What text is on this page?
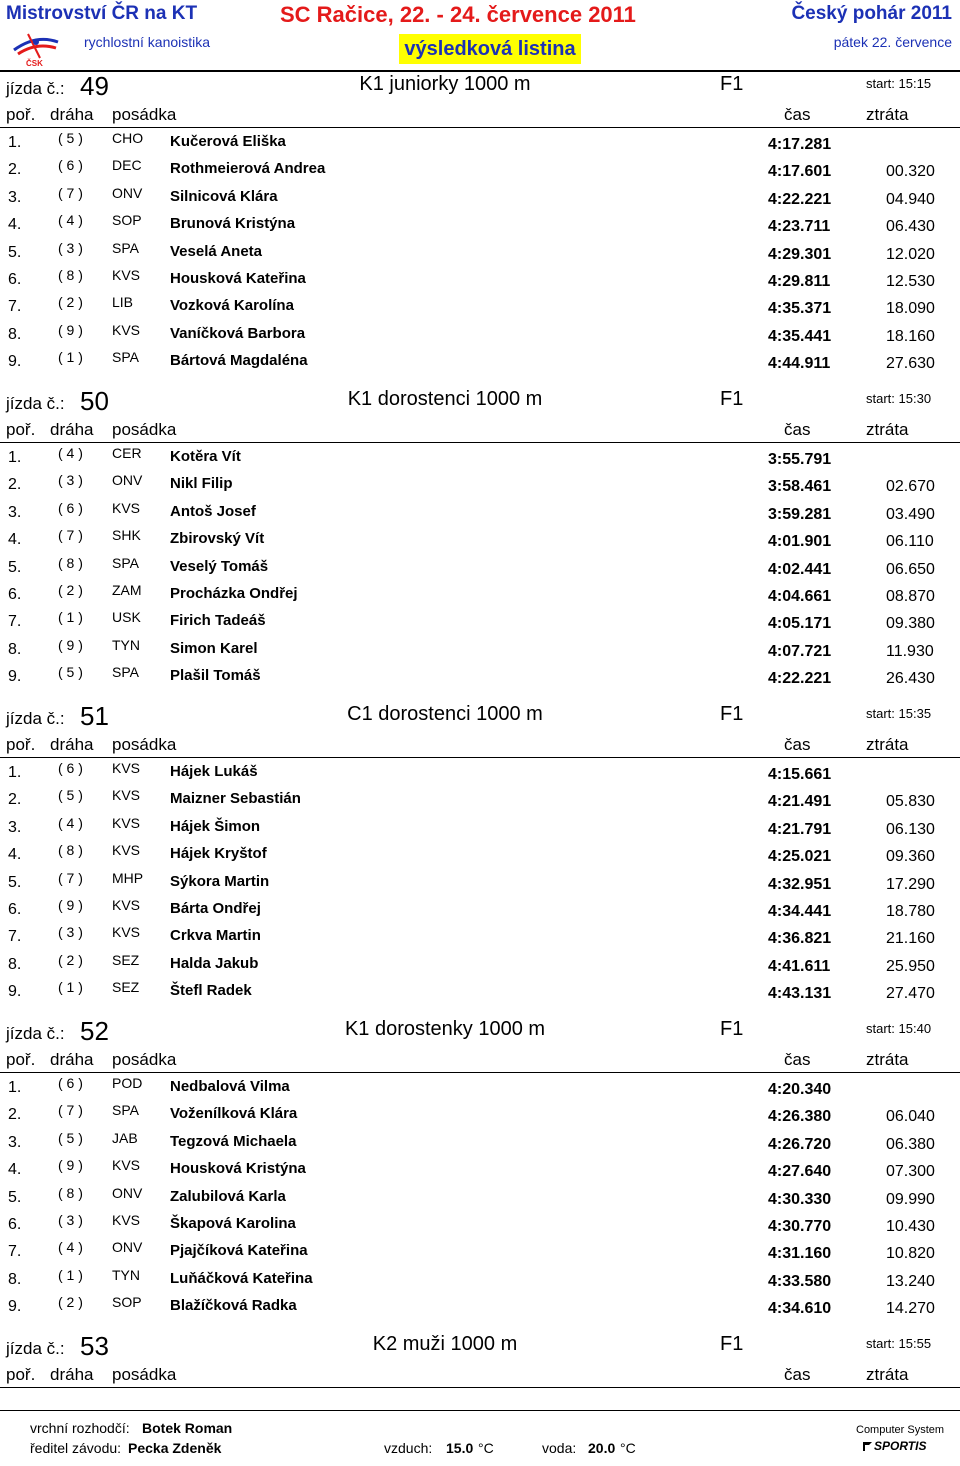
Mistrovství ČR na KT	SC Račice, 22. - 24. července 2011	Český pohár 2011
ČSK
rychlostní kanoistika	výsledková listina	pátek 22. července
jízda č.: 49	K1 juniorky 1000 m	F1	start: 15:15
poř. dráha posádka	čas	ztráta
1.	( 5 ) CHO Kučerová Eliška	4:17.281
2.	( 6 ) DEC Rothmeierová Andrea	4:17.601	00.320
3.	( 7 ) ONV Silnicová Klára	4:22.221	04.940
4.	( 4 ) SOP Brunová Kristýna	4:23.711	06.430
5.	( 3 ) SPA Veselá Aneta	4:29.301	12.020
6.	( 8 ) KVS Housková Kateřina	4:29.811	12.530
7.	( 2 ) LIB Vozková Karolína	4:35.371	18.090
8.	( 9 ) KVS Vaníčková Barbora	4:35.441	18.160
9.	( 1 ) SPA Bártová Magdaléna	4:44.911	27.630
jízda č.: 50	K1 dorostenci 1000 m	F1	start: 15:30
poř. dráha posádka	čas	ztráta
1.	( 4 ) CER Kotěra Vít	3:55.791
2.	( 3 ) ONV Nikl Filip	3:58.461	02.670
3.	( 6 ) KVS Antoš Josef	3:59.281	03.490
4.	( 7 ) SHK Zbirovský Vít	4:01.901	06.110
5.	( 8 ) SPA Veselý Tomáš	4:02.441	06.650
6.	( 2 ) ZAM Procházka Ondřej	4:04.661	08.870
7.	( 1 ) USK Firich Tadeáš	4:05.171	09.380
8.	( 9 ) TYN Simon Karel	4:07.721	11.930
9.	( 5 ) SPA Plašil Tomáš	4:22.221	26.430
jízda č.: 51	C1 dorostenci 1000 m	F1	start: 15:35
poř. dráha posádka	čas	ztráta
1.	( 6 ) KVS Hájek Lukáš	4:15.661
2.	( 5 ) KVS Maizner Sebastián	4:21.491	05.830
3.	( 4 ) KVS Hájek Šimon	4:21.791	06.130
4.	( 8 ) KVS Hájek Kryštof	4:25.021	09.360
5.	( 7 ) MHP Sýkora Martin	4:32.951	17.290
6.	( 9 ) KVS Bárta Ondřej	4:34.441	18.780
7.	( 3 ) KVS Crkva Martin	4:36.821	21.160
8.	( 2 ) SEZ Halda Jakub	4:41.611	25.950
9.	( 1 ) SEZ Štefl Radek	4:43.131	27.470
jízda č.: 52	K1 dorostenky 1000 m	F1	start: 15:40
poř. dráha posádka	čas	ztráta
1.	( 6 ) POD Nedbalová Vilma	4:20.340
2.	( 7 ) SPA Voženílková Klára	4:26.380	06.040
3.	( 5 ) JAB Tegzová Michaela	4:26.720	06.380
4.	( 9 ) KVS Housková Kristýna	4:27.640	07.300
5.	( 8 ) ONV Zalubilová Karla	4:30.330	09.990
6.	( 3 ) KVS Škapová Karolina	4:30.770	10.430
7.	( 4 ) ONV Pjajčíková Kateřina	4:31.160	10.820
8.	( 1 ) TYN Luňáčková Kateřina	4:33.580	13.240
9.	( 2 ) SOP Blažíčková Radka	4:34.610	14.270
jízda č.: 53	K2 muži 1000 m	F1	start: 15:55
poř. dráha posádka	čas	ztráta
vrchní rozhodčí: Botek Roman
ředitel závodu: Pecka Zdeněk	vzduch: 15.0 °C	voda: 20.0 °C
Computer System
SPORTIS
